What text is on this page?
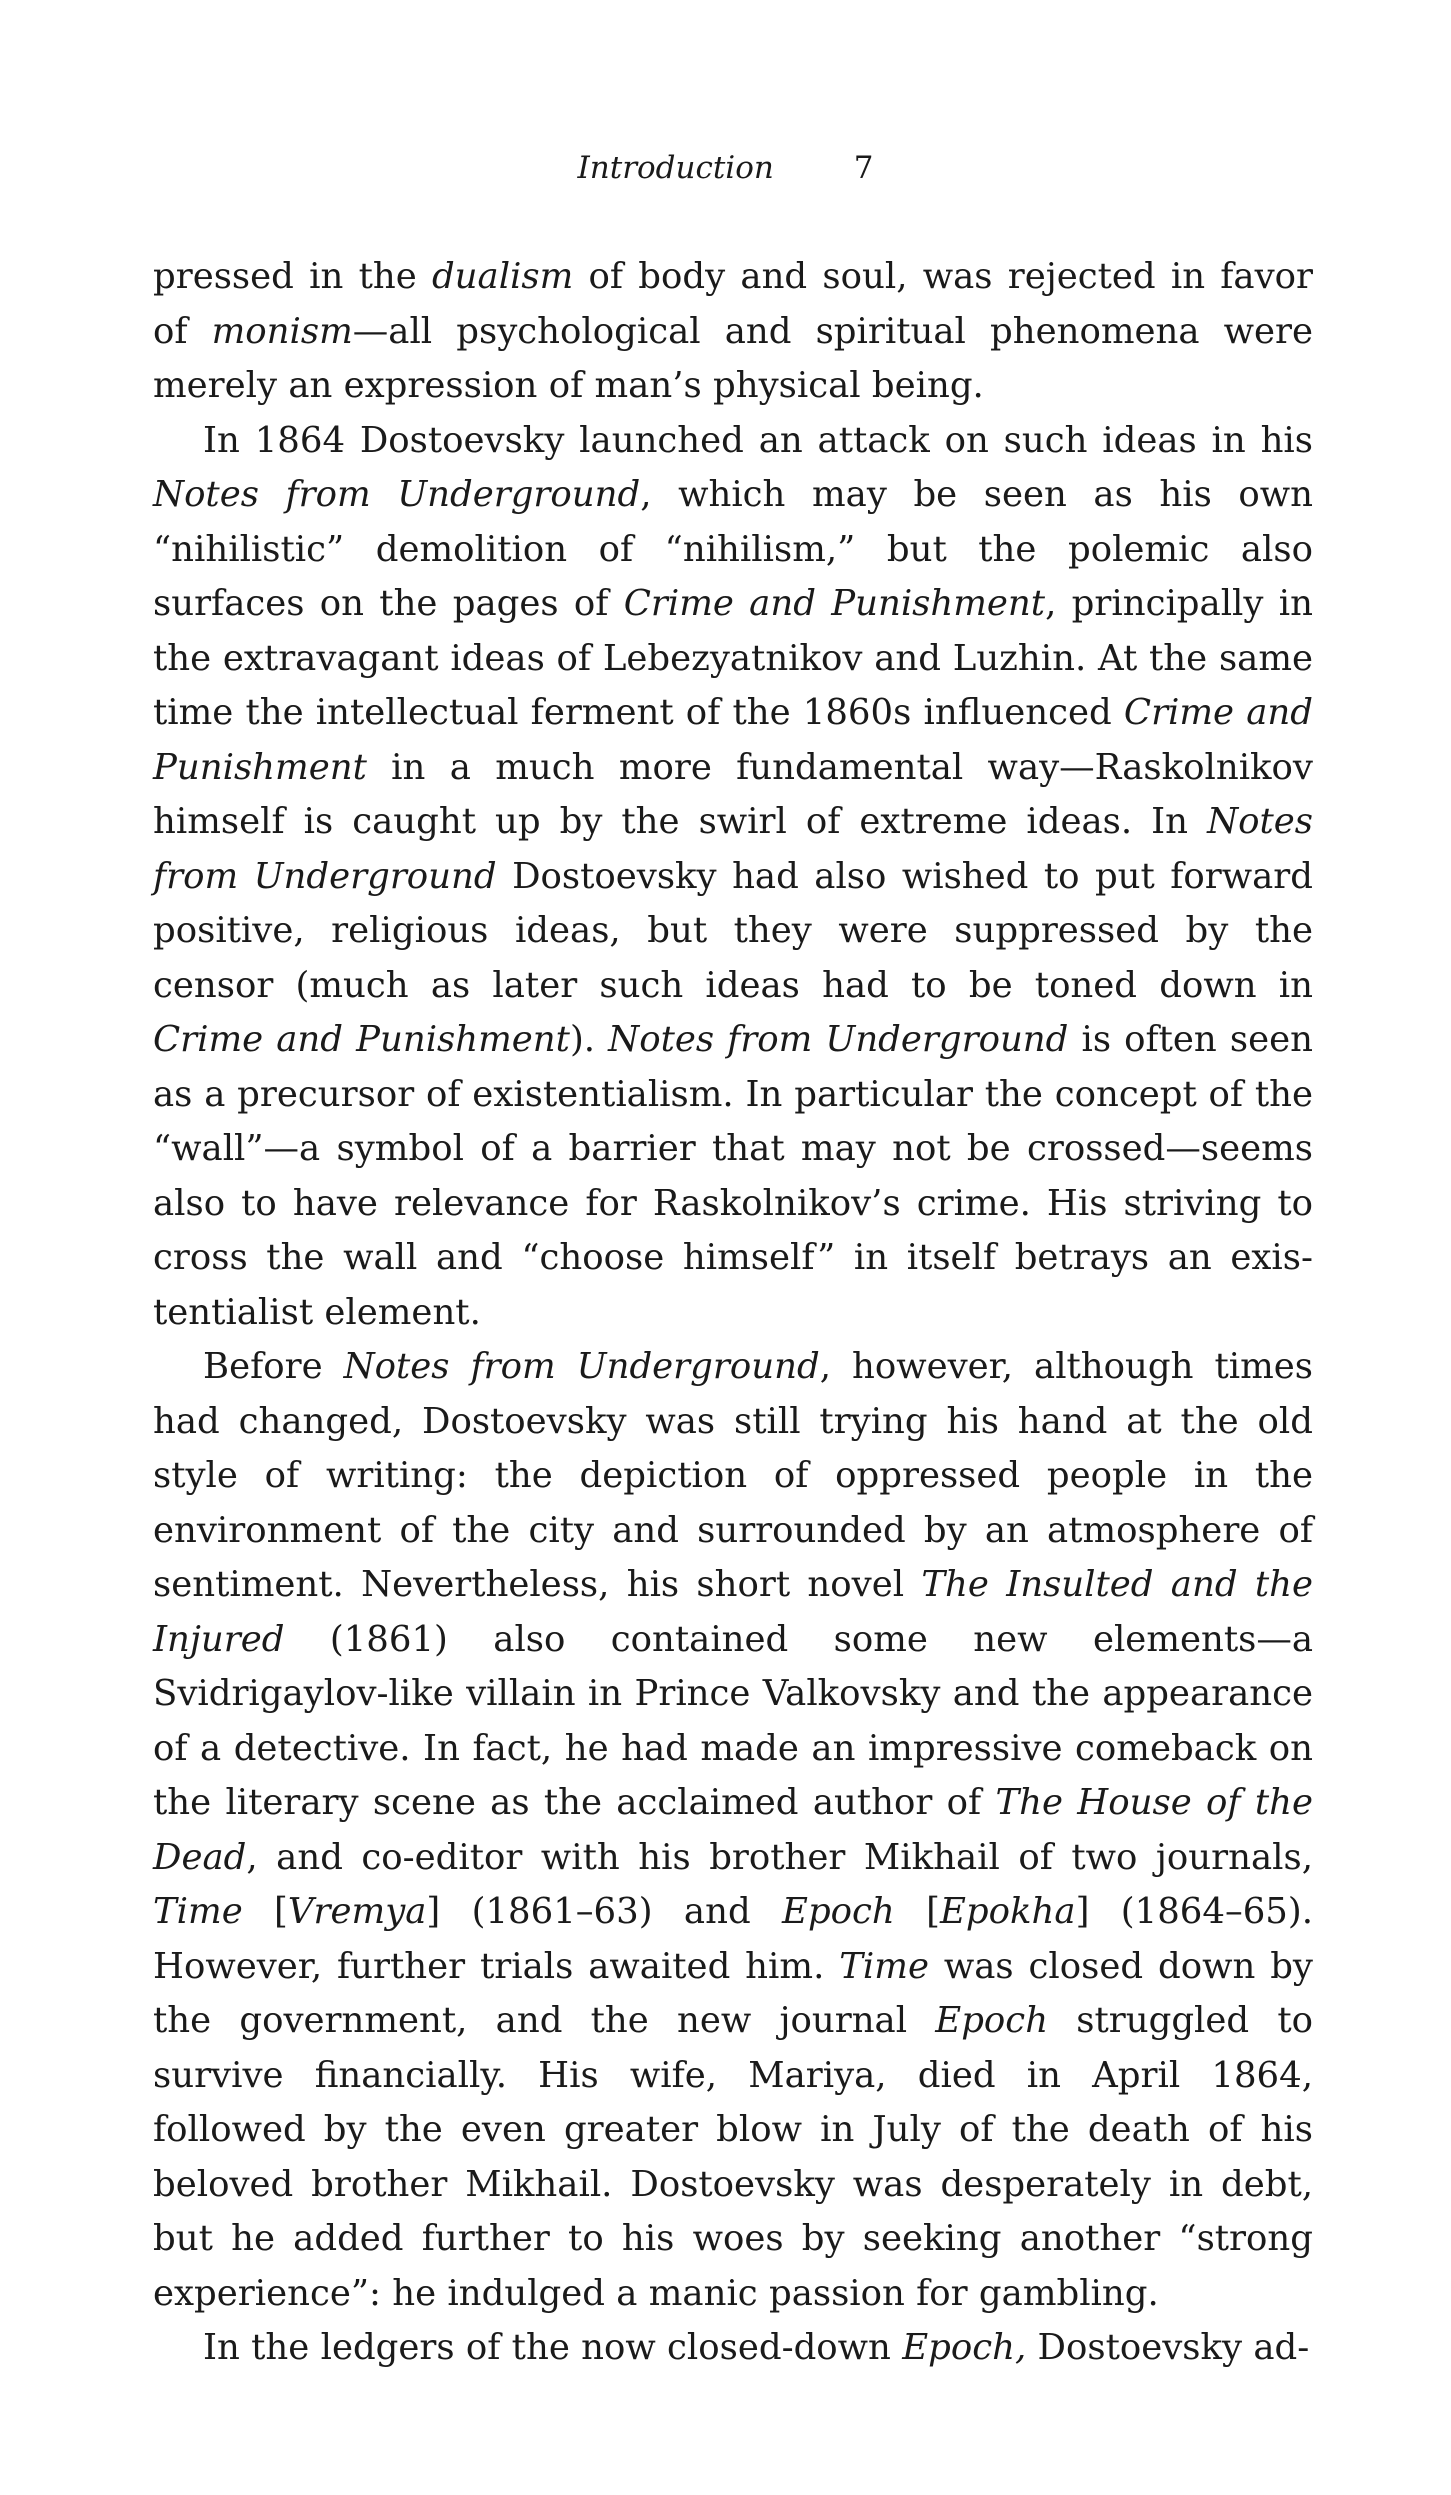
Introduction	7

pressed in the dualism of body and soul, was rejected in favor of monism—all psychological and spiritual phenomena were merely an expression of man’s physical being.

In 1864 Dostoevsky launched an attack on such ideas in his Notes from Underground, which may be seen as his own “nihilistic” demolition of “nihilism,” but the polemic also surfaces on the pages of Crime and Punishment, principally in the extravagant ideas of Lebezyatnikov and Luzhin. At the same time the intellectual ferment of the 1860s influenced Crime and Punishment in a much more fundamental way—Raskolnikov himself is caught up by the swirl of extreme ideas. In Notes from Underground Dostoevsky had also wished to put forward positive, religious ideas, but they were suppressed by the censor (much as later such ideas had to be toned down in Crime and Punishment). Notes from Underground is often seen as a precursor of existentialism. In particular the concept of the “wall”—a symbol of a barrier that may not be crossed—seems also to have relevance for Raskolnikov’s crime. His striving to cross the wall and “choose himself” in itself betrays an existentialist element.

Before Notes from Underground, however, although times had changed, Dostoevsky was still trying his hand at the old style of writing: the depiction of oppressed people in the environment of the city and surrounded by an atmosphere of sentiment. Nevertheless, his short novel The Insulted and the Injured (1861) also contained some new elements—a Svidrigaylov-like villain in Prince Valkovsky and the appearance of a detective. In fact, he had made an impressive comeback on the literary scene as the acclaimed author of The House of the Dead, and co-editor with his brother Mikhail of two journals, Time [Vremya] (1861–63) and Epoch [Epokha] (1864–65). However, further trials awaited him. Time was closed down by the government, and the new journal Epoch struggled to survive financially. His wife, Mariya, died in April 1864, followed by the even greater blow in July of the death of his beloved brother Mikhail. Dostoevsky was desperately in debt, but he added further to his woes by seeking another “strong experience”: he indulged a manic passion for gambling.

In the ledgers of the now closed-down Epoch, Dostoevsky ad-
